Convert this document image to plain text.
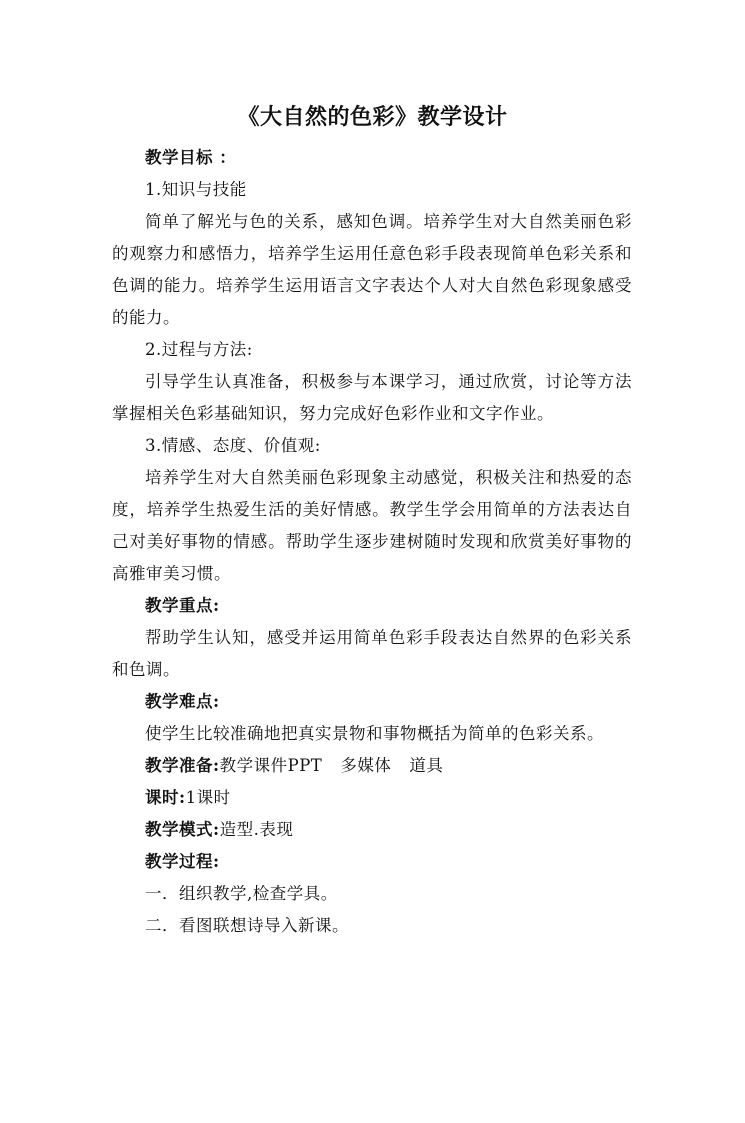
《大自然的色彩》教学设计

教学目标 ：

1.知识与技能

简单了解光与色的关系，感知色调。培养学生对大自然美丽色彩的观察力和感悟力，培养学生运用任意色彩手段表现简单色彩关系和色调的能力。培养学生运用语言文字表达个人对大自然色彩现象感受的能力。

2.过程与方法:

引导学生认真准备，积极参与本课学习，通过欣赏，讨论等方法掌握相关色彩基础知识，努力完成好色彩作业和文字作业。

3.情感、态度、价值观:

培养学生对大自然美丽色彩现象主动感觉，积极关注和热爱的态度，培养学生热爱生活的美好情感。教学生学会用简单的方法表达自己对美好事物的情感。帮助学生逐步建树随时发现和欣赏美好事物的高雅审美习惯。

教学重点:

帮助学生认知，感受并运用简单色彩手段表达自然界的色彩关系和色调。

教学难点:

使学生比较准确地把真实景物和事物概括为简单的色彩关系。

教学准备:教学课件PPT 多媒体 道具

课时:1课时

教学模式:造型.表现

教学过程:

一．组织教学,检查学具。

二．看图联想诗导入新课。
